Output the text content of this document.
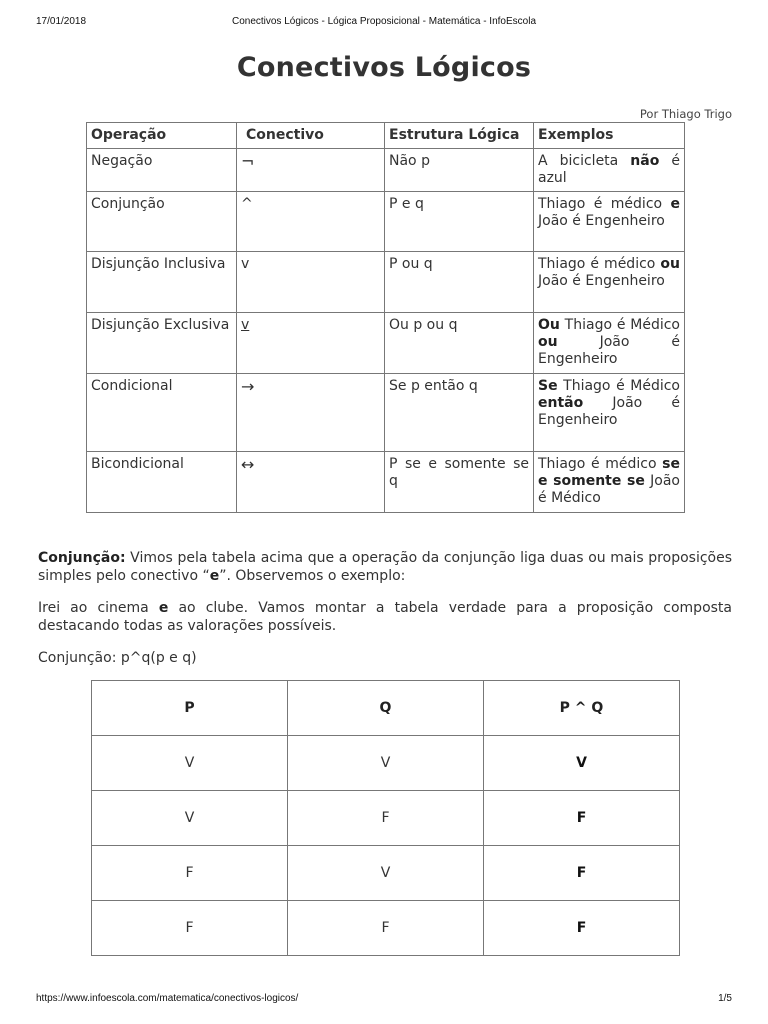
17/01/2018	Conectivos Lógicos - Lógica Proposicional - Matemática - InfoEscola
Conectivos Lógicos
Por Thiago Trigo
Operação	Conectivo	Estrutura Lógica	Exemplos
Negação	¬	Não p	A bicicleta não é azul
Conjunção	^	P e q	Thiago é médico e João é Engenheiro
Disjunção Inclusiva	v	P ou q	Thiago é médico ou João é Engenheiro
Disjunção Exclusiva	v	Ou p ou q	Ou Thiago é Médico ou João é Engenheiro
Condicional	→	Se p então q	Se Thiago é Médico então João é Engenheiro
Bicondicional	↔	P se e somente se q	Thiago é médico se e somente se João é Médico

Conjunção: Vimos pela tabela acima que a operação da conjunção liga duas ou mais proposições simples pelo conectivo “e”. Observemos o exemplo:

Irei ao cinema e ao clube. Vamos montar a tabela verdade para a proposição composta destacando todas as valorações possíveis.

Conjunção: p^q(p e q)

P	Q	P ^ Q
V	V	V
V	F	F
F	V	F
F	F	F
https://www.infoescola.com/matematica/conectivos-logicos/	1/5
